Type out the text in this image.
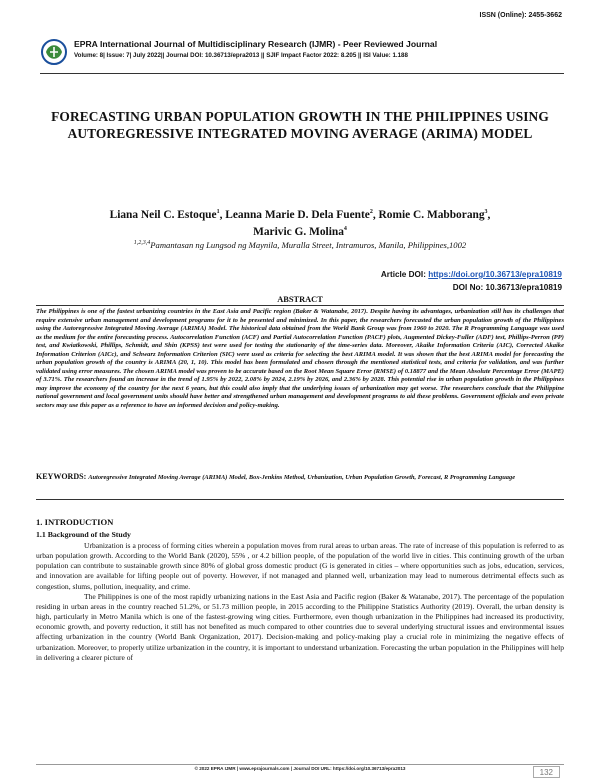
ISSN (Online): 2455-3662
EPRA International Journal of Multidisciplinary Research (IJMR) - Peer Reviewed Journal
Volume: 8| Issue: 7| July 2022|| Journal DOI: 10.36713/epra2013 || SJIF Impact Factor 2022: 8.205 || ISI Value: 1.188
FORECASTING URBAN POPULATION GROWTH IN THE PHILIPPINES USING AUTOREGRESSIVE INTEGRATED MOVING AVERAGE (ARIMA) MODEL
Liana Neil C. Estoque$^1$, Leanna Marie D. Dela Fuente$^2$, Romie C. Mabborang$^3$,
Marivic G. Molina$^4$
$^{1,2,3,4}$Pamantasan ng Lungsod ng Maynila, Muralla Street, Intramuros, Manila, Philippines,1002
Article DOI: https://doi.org/10.36713/epra10819
DOI No: 10.36713/epra10819
ABSTRACT
The Philippines is one of the fastest urbanizing countries in the East Asia and Pacific region (Baker & Watanabe, 2017). Despite having its advantages, urbanization still has its challenges that require extensive urban management and development programs for it to be presented and minimized. In this paper, the researchers forecasted the urban population growth of the Philippines using the Autoregressive Integrated Moving Average (ARIMA) Model. The historical data obtained from the World Bank Group was from 1960 to 2020. The R Programming Language was used as the medium for the entire forecasting process. Autocorrelation Function (ACF) and Partial Autocorrelation Function (PACF) plots, Augmented Dickey-Fuller (ADF) test, Phillips-Perron (PP) test, and Kwiatkowski, Phillips, Schmidt, and Shin (KPSS) test were used for testing the stationarity of the time-series data. Moreover, Akaike Information Criteria (AIC), Corrected Akaike Information Criterion (AICc), and Schwarz Information Criterion (SIC) were used as criteria for selecting the best ARIMA model. It was shown that the best ARIMA model for forecasting the urban population growth of the country is ARIMA (20, 1, 10). This model has been formulated and chosen through the mentioned statistical tests, and criteria for validation, and was further validated using error measures. The chosen ARIMA model was proven to be accurate based on the Root Mean Square Error (RMSE) of 0.18877 and the Mean Absolute Percentage Error (MAPE) of 3.71%. The researchers found an increase in the trend of 1.95% by 2022, 2.08% by 2024, 2.19% by 2026, and 2.36% by 2028. This potential rise in urban population growth in the Philippines may improve the economy of the country for the next 6 years, but this could also imply that the underlying issues of urbanization may get worse. The researchers conclude that the Philippine national government and local government units should have better and strengthened urban management and development programs to aid these problems. Government officials and even private sectors may use this paper as a reference to have an informed decision and policy-making.
KEYWORDS: Autoregressive Integrated Moving Average (ARIMA) Model, Box-Jenkins Method, Urbanization, Urban Population Growth, Forecast, R Programming Language
1. INTRODUCTION
1.1 Background of the Study

Urbanization is a process of forming cities wherein a population moves from rural areas to urban areas. The rate of increase of this population is referred to as urban population growth. According to the World Bank (2020), 55% , or 4.2 billion people, of the population of the world live in cities. This continuing growth of the urban population can contribute to sustainable growth since 80% of global gross domestic product (G is generated in cities – where opportunities such as jobs, education, services, and innovation are available for lifting people out of poverty. However, if not managed and planned well, urbanization may lead to numerous detrimental effects such as congestion, slums, pollution, inequality, and crime.

The Philippines is one of the most rapidly urbanizing nations in the East Asia and Pacific region (Baker & Watanabe, 2017). The percentage of the population residing in urban areas in the country reached 51.2%, or 51.73 million people, in 2015 according to the Philippine Statistics Authority (2019). Overall, the urban density is high, particularly in Metro Manila which is one of the fastest-growing wing cities. Furthermore, even though urbanization in the Philippines had increased its productivity, economic growth, and poverty reduction, it still has not benefited as much compared to other countries due to several underlying structural issues and environmental issues affecting urbanization in the country (World Bank Organization, 2017). Decision-making and policy-making play a crucial role in minimizing the negative effects of urbanization. Moreover, to properly utilize urbanization in the country, it is important to understand urbanization. Forecasting the urban population in the Philippines will help in delivering a clearer picture of

© 2022 EPRA IJMR | www.eprajournals.com | Journal DOI URL: https://doi.org/10.36713/epra2013	132
